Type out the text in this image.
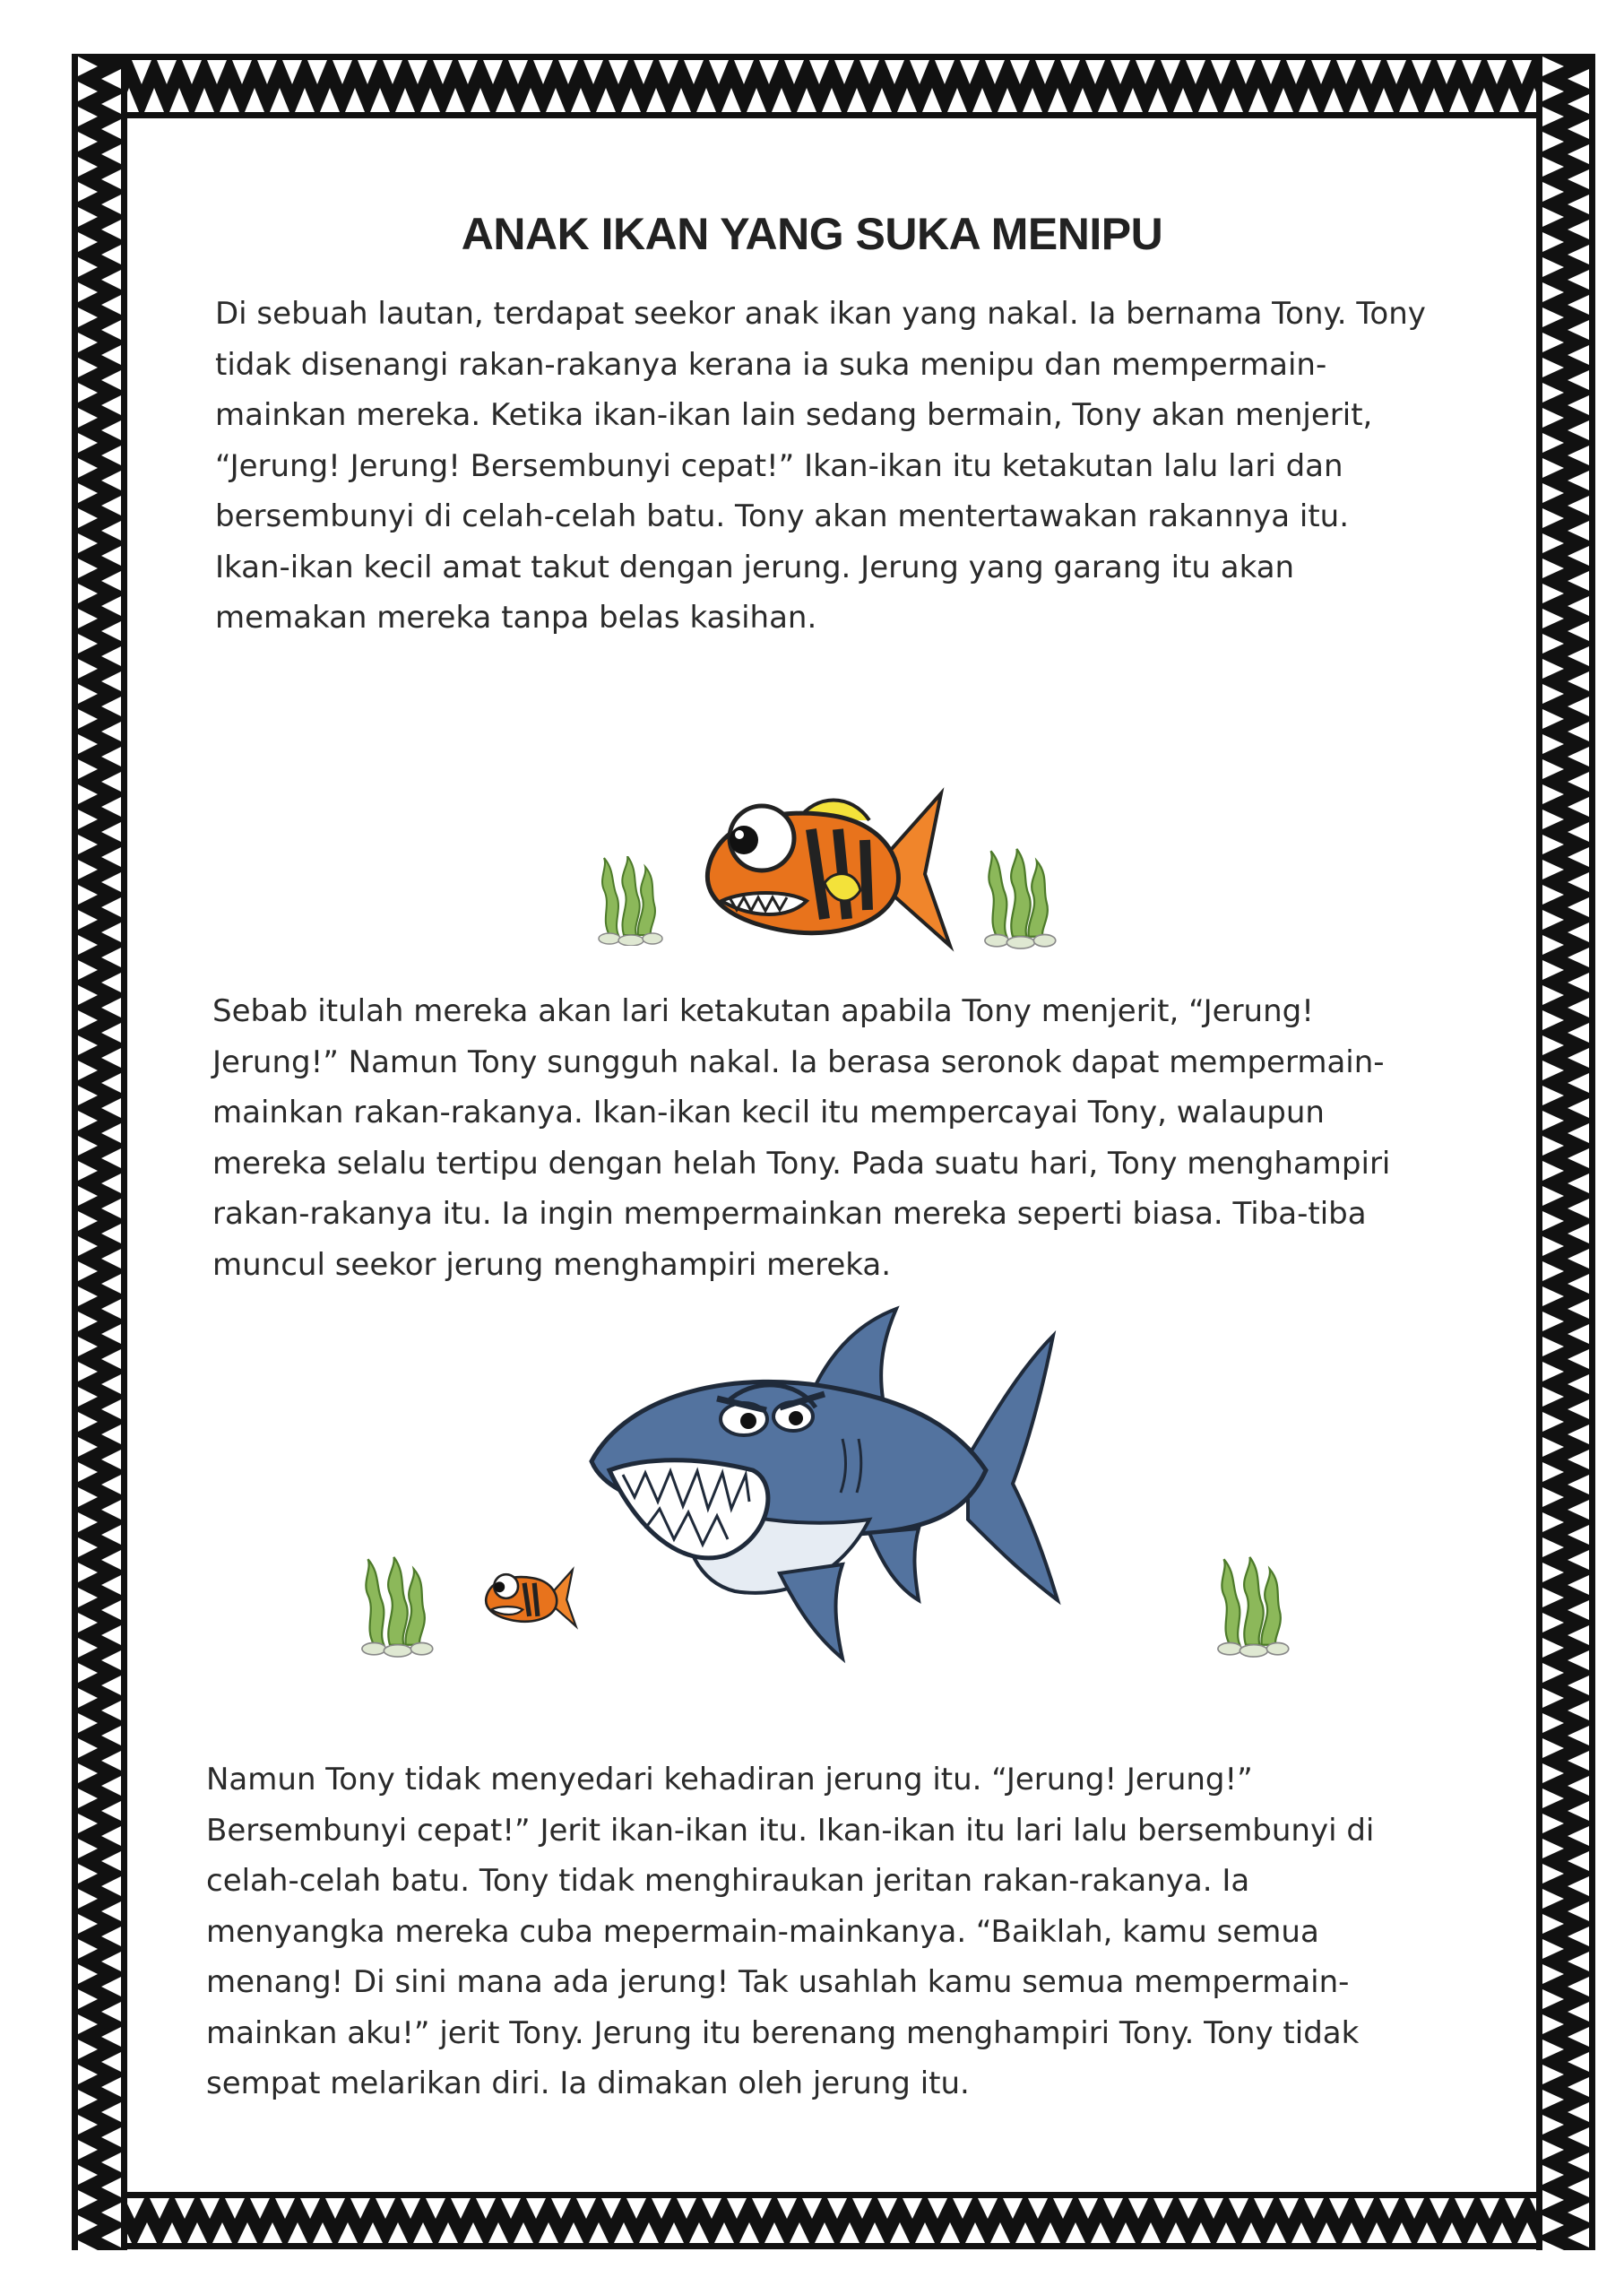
ANAK IKAN YANG SUKA MENIPU

Di sebuah lautan, terdapat seekor anak ikan yang nakal. Ia bernama Tony. Tony
tidak disenangi rakan-rakanya kerana ia suka menipu dan mempermain-
mainkan mereka. Ketika ikan-ikan lain sedang bermain, Tony akan menjerit,
“Jerung! Jerung! Bersembunyi cepat!” Ikan-ikan itu ketakutan lalu lari dan
bersembunyi di celah-celah batu. Tony akan mentertawakan rakannya itu.
Ikan-ikan kecil amat takut dengan jerung. Jerung yang garang itu akan
memakan mereka tanpa belas kasihan.

Sebab itulah mereka akan lari ketakutan apabila Tony menjerit, “Jerung!
Jerung!” Namun Tony sungguh nakal. Ia berasa seronok dapat mempermain-
mainkan rakan-rakanya. Ikan-ikan kecil itu mempercayai Tony, walaupun
mereka selalu tertipu dengan helah Tony. Pada suatu hari, Tony menghampiri
rakan-rakanya itu. Ia ingin mempermainkan mereka seperti biasa. Tiba-tiba
muncul seekor jerung menghampiri mereka.

Namun Tony tidak menyedari kehadiran jerung itu. “Jerung! Jerung!”
Bersembunyi cepat!” Jerit ikan-ikan itu. Ikan-ikan itu lari lalu bersembunyi di
celah-celah batu. Tony tidak menghiraukan jeritan rakan-rakanya. Ia
menyangka mereka cuba mepermain-mainkanya. “Baiklah, kamu semua
menang! Di sini mana ada jerung! Tak usahlah kamu semua mempermain-
mainkan aku!” jerit Tony. Jerung itu berenang menghampiri Tony. Tony tidak
sempat melarikan diri. Ia dimakan oleh jerung itu.
